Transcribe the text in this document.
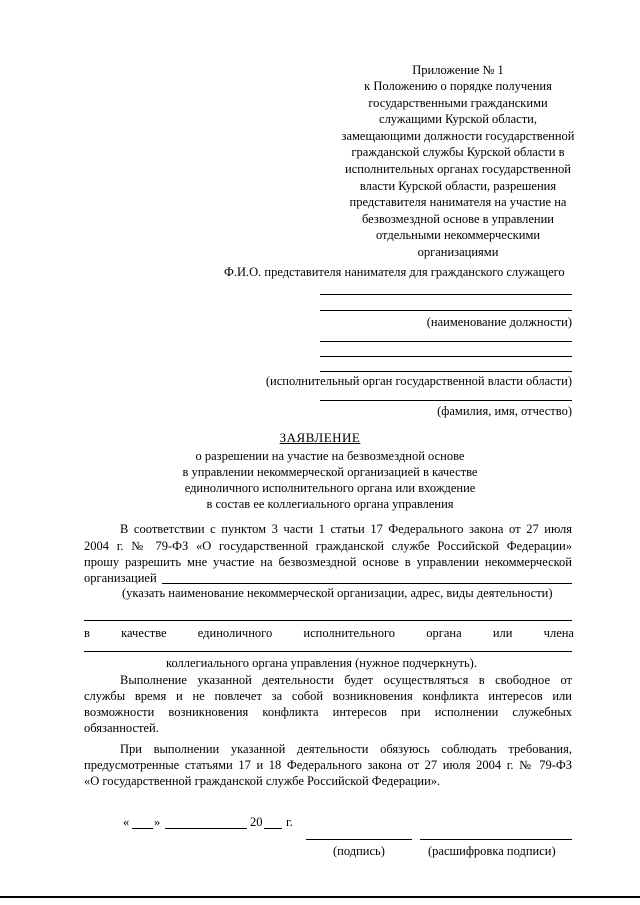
Приложение № 1
к Положению о порядке получения
государственными гражданскими
служащими Курской области,
замещающими должности государственной
гражданской службы Курской области в
исполнительных органах государственной
власти Курской области, разрешения
представителя нанимателя на участие на
безвозмездной основе в управлении
отдельными некоммерческими
организациями
Ф.И.О. представителя нанимателя для гражданского служащего
(наименование должности)
(исполнительный орган государственной власти области)
(фамилия, имя, отчество)
ЗАЯВЛЕНИЕ
о разрешении на участие на безвозмездной основе
в управлении некоммерческой организацией в качестве
единоличного исполнительного органа или вхождение
в состав ее коллегиального органа управления
В соответствии с пунктом 3 части 1 статьи 17 Федерального закона от 27 июля
2004 г. № 79-ФЗ «О государственной гражданской службе Российской Федерации»
прошу разрешить мне участие на безвозмездной основе в управлении некоммерческой
организацией
(указать наименование некоммерческой организации, адрес, виды деятельности)
в качестве единоличного исполнительного органа или члена
коллегиального органа управления (нужное подчеркнуть).
Выполнение указанной деятельности будет осуществляться в свободное от
службы время и не повлечет за собой возникновения конфликта интересов или
возможности возникновения конфликта интересов при исполнении служебных
обязанностей.
При выполнении указанной деятельности обязуюсь соблюдать требования,
предусмотренные статьями 17 и 18 Федерального закона от 27 июля 2004 г. № 79-ФЗ
«О государственной гражданской службе Российской Федерации».
« »	20 г.
(подпись)	(расшифровка подписи)
